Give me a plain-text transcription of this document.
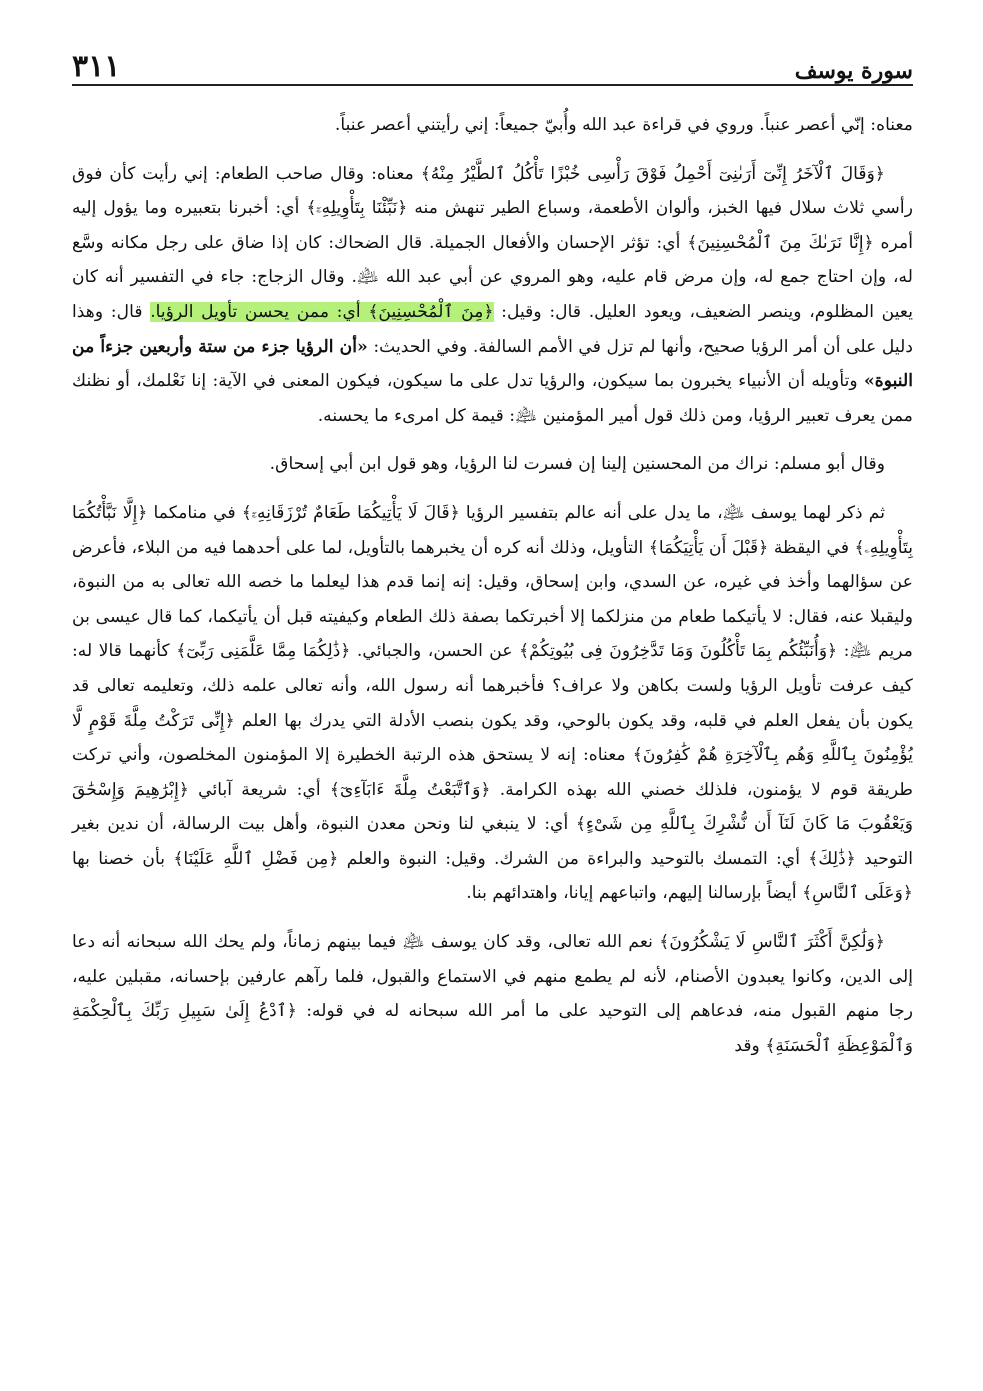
سورة يوسف
٣١١

معناه: إنّي أعصر عنباً. وروي في قراءة عبد الله وأُبيّ جميعاً: إني رأيتني أعصر عنباً.

﴿وَقَالَ ٱلْآخَرُ إِنِّىٓ أَرَىٰنِىٓ أَحْمِلُ فَوْقَ رَأْسِى خُبْزًا تَأْكُلُ ٱلطَّيْرُ مِنْهُ﴾ معناه: وقال صاحب الطعام: إني رأيت كأن فوق رأسي ثلاث سلال فيها الخبز، وألوان الأطعمة، وسباع الطير تنهش منه ﴿نَبِّئْنَا بِتَأْوِيلِهِۦٓ﴾ أي: أخبرنا بتعبيره وما يؤول إليه أمره ﴿إِنَّا نَرَىٰكَ مِنَ ٱلْمُحْسِنِينَ﴾ أي: تؤثر الإحسان والأفعال الجميلة. قال الضحاك: كان إذا ضاق على رجل مكانه وسَّع له، وإن احتاج جمع له، وإن مرض قام عليه، وهو المروي عن أبي عبد الله ﵇. وقال الزجاج: جاء في التفسير أنه كان يعين المظلوم، وينصر الضعيف، ويعود العليل. قال: وقيل: ﴿مِنَ ٱلْمُحْسِنِينَ﴾ أي: ممن يحسن تأويل الرؤيا. قال: وهذا دليل على أن أمر الرؤيا صحيح، وأنها لم تزل في الأمم السالفة. وفي الحديث: «أن الرؤيا جزء من ستة وأربعين جزءاً من النبوة» وتأويله أن الأنبياء يخبرون بما سيكون، والرؤيا تدل على ما سيكون، فيكون المعنى في الآية: إنا نَعْلمك، أو نظنك ممن يعرف تعبير الرؤيا، ومن ذلك قول أمير المؤمنين ﵇: قيمة كل امرىء ما يحسنه.

وقال أبو مسلم: نراك من المحسنين إلينا إن فسرت لنا الرؤيا، وهو قول ابن أبي إسحاق.

ثم ذكر لهما يوسف ﵇، ما يدل على أنه عالم بتفسير الرؤيا ﴿قَالَ لَا يَأْتِيكُمَا طَعَامٌ تُرْزَقَانِهِۦٓ﴾ في منامكما ﴿إِلَّا نَبَّأْتُكُمَا بِتَأْوِيلِهِۦ﴾ في اليقظة ﴿قَبْلَ أَن يَأْتِيَكُمَا﴾ التأويل، وذلك أنه كره أن يخبرهما بالتأويل، لما على أحدهما فيه من البلاء، فأعرض عن سؤالهما وأخذ في غيره، عن السدي، وابن إسحاق، وقيل: إنه إنما قدم هذا ليعلما ما خصه الله تعالى به من النبوة، وليقبلا عنه، فقال: لا يأتيكما طعام من منزلكما إلا أخبرتكما بصفة ذلك الطعام وكيفيته قبل أن يأتيكما، كما قال عيسى بن مريم ﵇: ﴿وَأُنَبِّئُكُم بِمَا تَأْكُلُونَ وَمَا تَدَّخِرُونَ فِى بُيُوتِكُمْ﴾ عن الحسن، والجبائي. ﴿ذَٰلِكُمَا مِمَّا عَلَّمَنِى رَبِّىٓ﴾ كأنهما قالا له: كيف عرفت تأويل الرؤيا ولست بكاهن ولا عراف؟ فأخبرهما أنه رسول الله، وأنه تعالى علمه ذلك، وتعليمه تعالى قد يكون بأن يفعل العلم في قلبه، وقد يكون بالوحي، وقد يكون بنصب الأدلة التي يدرك بها العلم ﴿إِنِّى تَرَكْتُ مِلَّةَ قَوْمٍ لَّا يُؤْمِنُونَ بِٱللَّهِ وَهُم بِٱلْآخِرَةِ هُمْ كَٰفِرُونَ﴾ معناه: إنه لا يستحق هذه الرتبة الخطيرة إلا المؤمنون المخلصون، وأني تركت طريقة قوم لا يؤمنون، فلذلك خصني الله بهذه الكرامة. ﴿وَٱتَّبَعْتُ مِلَّةَ ءَابَآءِىٓ﴾ أي: شريعة آبائي ﴿إِبْرَٰهِيمَ وَإِسْحَٰقَ وَيَعْقُوبَ مَا كَانَ لَنَآ أَن نُّشْرِكَ بِٱللَّهِ مِن شَىْءٍ﴾ أي: لا ينبغي لنا ونحن معدن النبوة، وأهل بيت الرسالة، أن ندين بغير التوحيد ﴿ذَٰلِكَ﴾ أي: التمسك بالتوحيد والبراءة من الشرك. وقيل: النبوة والعلم ﴿مِن فَضْلِ ٱللَّهِ عَلَيْنَا﴾ بأن خصنا بها ﴿وَعَلَى ٱلنَّاسِ﴾ أيضاً بإرسالنا إليهم، واتباعهم إيانا، واهتدائهم بنا.

﴿وَلَٰكِنَّ أَكْثَرَ ٱلنَّاسِ لَا يَشْكُرُونَ﴾ نعم الله تعالى، وقد كان يوسف ﵇ فيما بينهم زماناً، ولم يحك الله سبحانه أنه دعا إلى الدين، وكانوا يعبدون الأصنام، لأنه لم يطمع منهم في الاستماع والقبول، فلما رآهم عارفين بإحسانه، مقبلين عليه، رجا منهم القبول منه، فدعاهم إلى التوحيد على ما أمر الله سبحانه له في قوله: ﴿ٱدْعُ إِلَىٰ سَبِيلِ رَبِّكَ بِٱلْحِكْمَةِ وَٱلْمَوْعِظَةِ ٱلْحَسَنَةِ﴾ وقد
